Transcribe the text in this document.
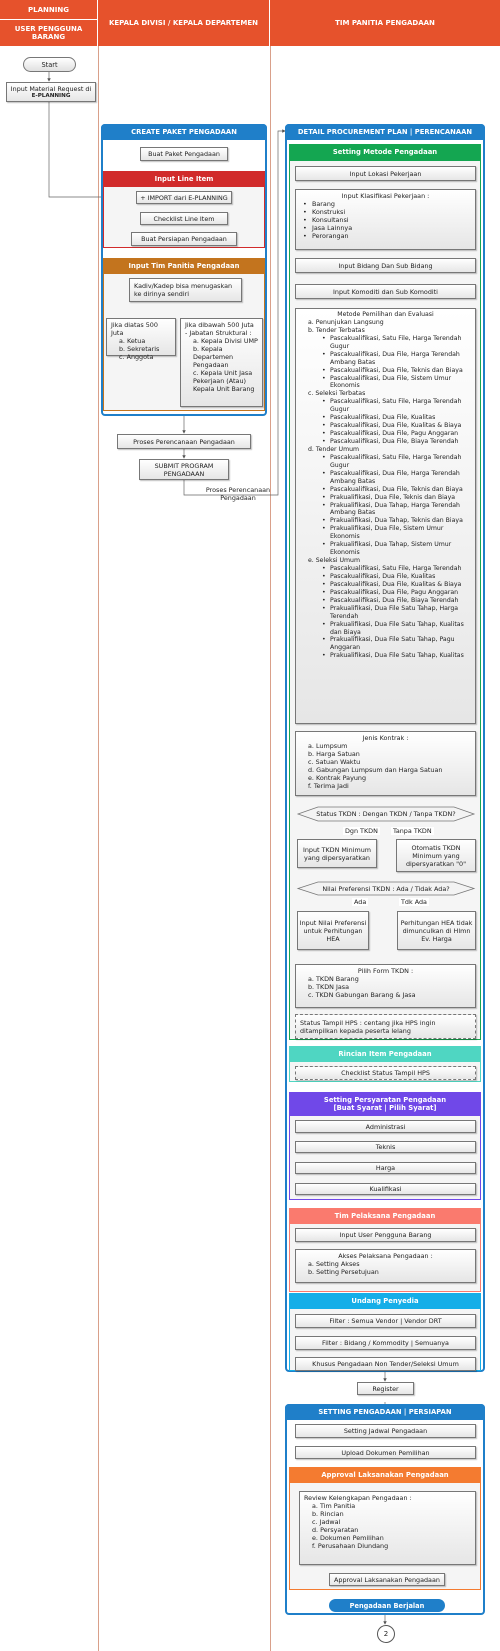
PLANNING
USER PENGGUNA BARANG
KEPALA DIVISI / KEPALA DEPARTEMEN	TIM PANITIA PENGADAAN
Start
Input Material Request di
E-PLANNING
CREATE PAKET PENGADAAN
Buat Paket Pengadaan
Input Line Item
+ IMPORT dari E-PLANNING
Checklist Line Item
Buat Persiapan Pengadaan
Input Tim Panitia Pengadaan
Kadiv/Kadep bisa menugaskan ke dirinya sendiri
Jika diatas 500 Juta
a. Ketua
b. Sekretaris
c. Anggota
Jika dibawah 500 Juta - Jabatan Struktural :
a. Kepala Divisi UMP
b. Kepala Departemen Pengadaan
c. Kepala Unit Jasa Pekerjaan (Atau) Kepala Unit Barang
Proses Perencanaan Pengadaan
SUBMIT PROGRAM PENGADAAN
Proses Perencanaan Pengadaan
DETAIL PROCUREMENT PLAN | PERENCANAAN
Setting Metode Pengadaan
Input Lokasi Pekerjaan
Input Klasifikasi Pekerjaan :
• Barang
• Konstruksi
• Konsultansi
• Jasa Lainnya
• Perorangan
Input Bidang Dan Sub Bidang
Input Komoditi dan Sub Komoditi
Metode Pemilihan dan Evaluasi
a. Penunjukan Langsung
b. Tender Terbatas
• Pascakualifikasi, Satu File, Harga Terendah Gugur
• Pascakualifikasi, Dua File, Harga Terendah Ambang Batas
• Pascakualifikasi, Dua File, Teknis dan Biaya
• Pascakualifikasi, Dua File, Sistem Umur Ekonomis
c. Seleksi Terbatas
• Pascakualifikasi, Satu File, Harga Terendah Gugur
• Pascakualifikasi, Dua File, Kualitas
• Pascakualifikasi, Dua File, Kualitas & Biaya
• Pascakualifikasi, Dua File, Pagu Anggaran
• Pascakualifikasi, Dua File, Biaya Terendah
d. Tender Umum
• Pascakualifikasi, Satu File, Harga Terendah Gugur
• Pascakualifikasi, Dua File, Harga Terendah Ambang Batas
• Pascakualifikasi, Dua File, Teknis dan Biaya
• Prakualifikasi, Dua File, Teknis dan Biaya
• Prakualifikasi, Dua Tahap, Harga Terendah Ambang Batas
• Prakualifikasi, Dua Tahap, Teknis dan Biaya
• Prakualifikasi, Dua File, Sistem Umur Ekonomis
• Prakualifikasi, Dua Tahap, Sistem Umur Ekonomis
e. Seleksi Umum
• Pascakualifikasi, Satu File, Harga Terendah
• Pascakualifikasi, Dua File, Kualitas
• Pascakualifikasi, Dua File, Kualitas & Biaya
• Pascakualifikasi, Dua File, Pagu Anggaran
• Pascakualifikasi, Dua File, Biaya Terendah
• Prakualifikasi, Dua File Satu Tahap, Harga Terendah
• Prakualifikasi, Dua File Satu Tahap, Kualitas dan Biaya
• Prakualifikasi, Dua File Satu Tahap, Pagu Anggaran
• Prakualifikasi, Dua File Satu Tahap, Kualitas
Jenis Kontrak :
a. Lumpsum
b. Harga Satuan
c. Satuan Waktu
d. Gabungan Lumpsum dan Harga Satuan
e. Kontrak Payung
f. Terima Jadi
Status TKDN : Dengan TKDN / Tanpa TKDN?
Dgn TKDN	Tanpa TKDN
Input TKDN Minimum yang dipersyaratkan
Otomatis TKDN Minimum yang dipersyaratkan "0"
Nilai Preferensi TKDN : Ada / Tidak Ada?
Ada	Tdk Ada
Input Nilai Preferensi untuk Perhitungan HEA
Perhitungan HEA tidak dimunculkan di Hlmn Ev. Harga
Pilih Form TKDN :
a. TKDN Barang
b. TKDN Jasa
c. TKDN Gabungan Barang & Jasa
Status Tampil HPS : centang jika HPS ingin ditampilkan kepada peserta lelang
Rincian Item Pengadaan
Checklist Status Tampil HPS
Setting Persyaratan Pengadaan
[Buat Syarat | Pilih Syarat]
Administrasi
Teknis
Harga
Kualifikasi
Tim Pelaksana Pengadaan
Input User Pengguna Barang
Akses Pelaksana Pengadaan :
a. Setting Akses
b. Setting Persetujuan
Undang Penyedia
Filter : Semua Vendor | Vendor DRT
Filter : Bidang / Kommodity | Semuanya
Khusus Pengadaan Non Tender/Seleksi Umum
Register
SETTING PENGADAAN | PERSIAPAN
Setting Jadwal Pengadaan
Upload Dokumen Pemilihan
Approval Laksanakan Pengadaan
Review Kelengkapan Pengadaan :
a. Tim Panitia
b. Rincian
c. Jadwal
d. Persyaratan
e. Dokumen Pemilihan
f. Perusahaan Diundang
Approval Laksanakan Pengadaan
Pengadaan Berjalan
2
